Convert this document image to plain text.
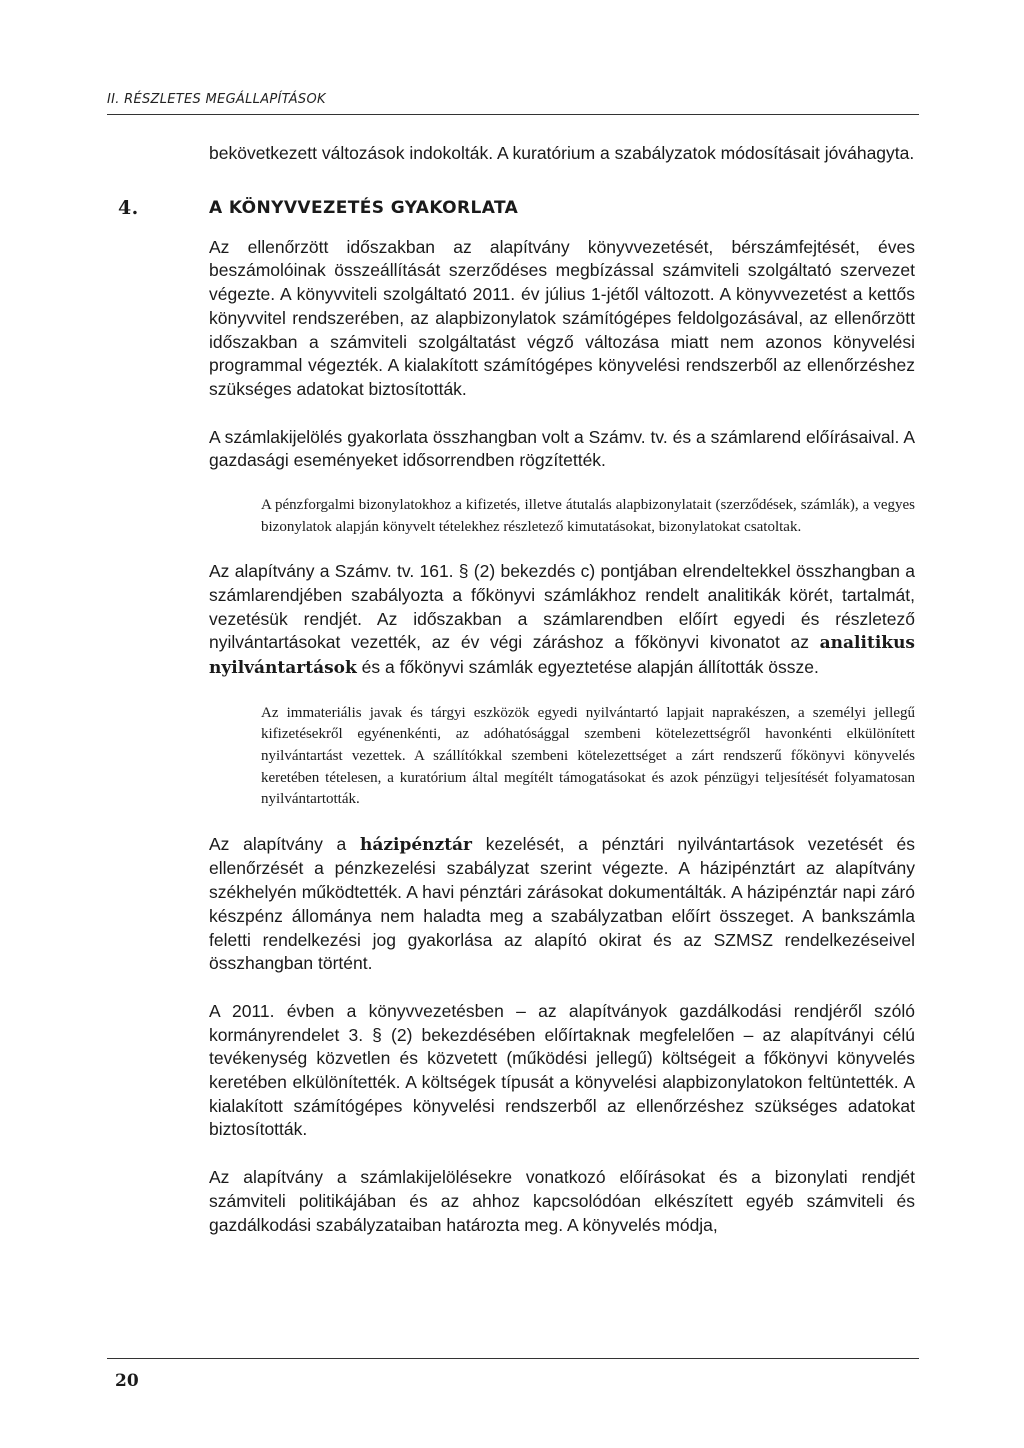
II. RÉSZLETES MEGÁLLAPÍTÁSOK

bekövetkezett változások indokolták. A kuratórium a szabályzatok módosításait jóváhagyta.

4.	A KÖNYVVEZETÉS GYAKORLATA

Az ellenőrzött időszakban az alapítvány könyvvezetését, bérszámfejtését, éves beszámolóinak összeállítását szerződéses megbízással számviteli szolgáltató szervezet végezte. A könyvviteli szolgáltató 2011. év július 1-jétől változott. A könyvvezetést a kettős könyvvitel rendszerében, az alapbizonylatok számítógépes feldolgozásával, az ellenőrzött időszakban a számviteli szolgáltatást végző változása miatt nem azonos könyvelési programmal végezték. A kialakított számítógépes könyvelési rendszerből az ellenőrzéshez szükséges adatokat biztosították.

A számlakijelölés gyakorlata összhangban volt a Számv. tv. és a számlarend előírásaival. A gazdasági eseményeket idősorrendben rögzítették.

A pénzforgalmi bizonylatokhoz a kifizetés, illetve átutalás alapbizonylatait (szerződések, számlák), a vegyes bizonylatok alapján könyvelt tételekhez részletező kimutatásokat, bizonylatokat csatoltak.

Az alapítvány a Számv. tv. 161. § (2) bekezdés c) pontjában elrendeltekkel összhangban a számlarendjében szabályozta a főkönyvi számlákhoz rendelt analitikák körét, tartalmát, vezetésük rendjét. Az időszakban a számlarendben előírt egyedi és részletező nyilvántartásokat vezették, az év végi záráshoz a főkönyvi kivonatot az analitikus nyilvántartások és a főkönyvi számlák egyeztetése alapján állították össze.

Az immateriális javak és tárgyi eszközök egyedi nyilvántartó lapjait naprakészen, a személyi jellegű kifizetésekről egyénenkénti, az adóhatósággal szembeni kötelezettségről havonkénti elkülönített nyilvántartást vezettek. A szállítókkal szembeni kötelezettséget a zárt rendszerű főkönyvi könyvelés keretében tételesen, a kuratórium által megítélt támogatásokat és azok pénzügyi teljesítését folyamatosan nyilvántartották.

Az alapítvány a házipénztár kezelését, a pénztári nyilvántartások vezetését és ellenőrzését a pénzkezelési szabályzat szerint végezte. A házipénztárt az alapítvány székhelyén működtették. A havi pénztári zárásokat dokumentálták. A házipénztár napi záró készpénz állománya nem haladta meg a szabályzatban előírt összeget. A bankszámla feletti rendelkezési jog gyakorlása az alapító okirat és az SZMSZ rendelkezéseivel összhangban történt.

A 2011. évben a könyvvezetésben – az alapítványok gazdálkodási rendjéről szóló kormányrendelet 3. § (2) bekezdésében előírtaknak megfelelően – az alapítványi célú tevékenység közvetlen és közvetett (működési jellegű) költségeit a főkönyvi könyvelés keretében elkülönítették. A költségek típusát a könyvelési alapbizonylatokon feltüntették. A kialakított számítógépes könyvelési rendszerből az ellenőrzéshez szükséges adatokat biztosították.

Az alapítvány a számlakijelölésekre vonatkozó előírásokat és a bizonylati rendjét számviteli politikájában és az ahhoz kapcsolódóan elkészített egyéb számviteli és gazdálkodási szabályzataiban határozta meg. A könyvelés módja,

20
